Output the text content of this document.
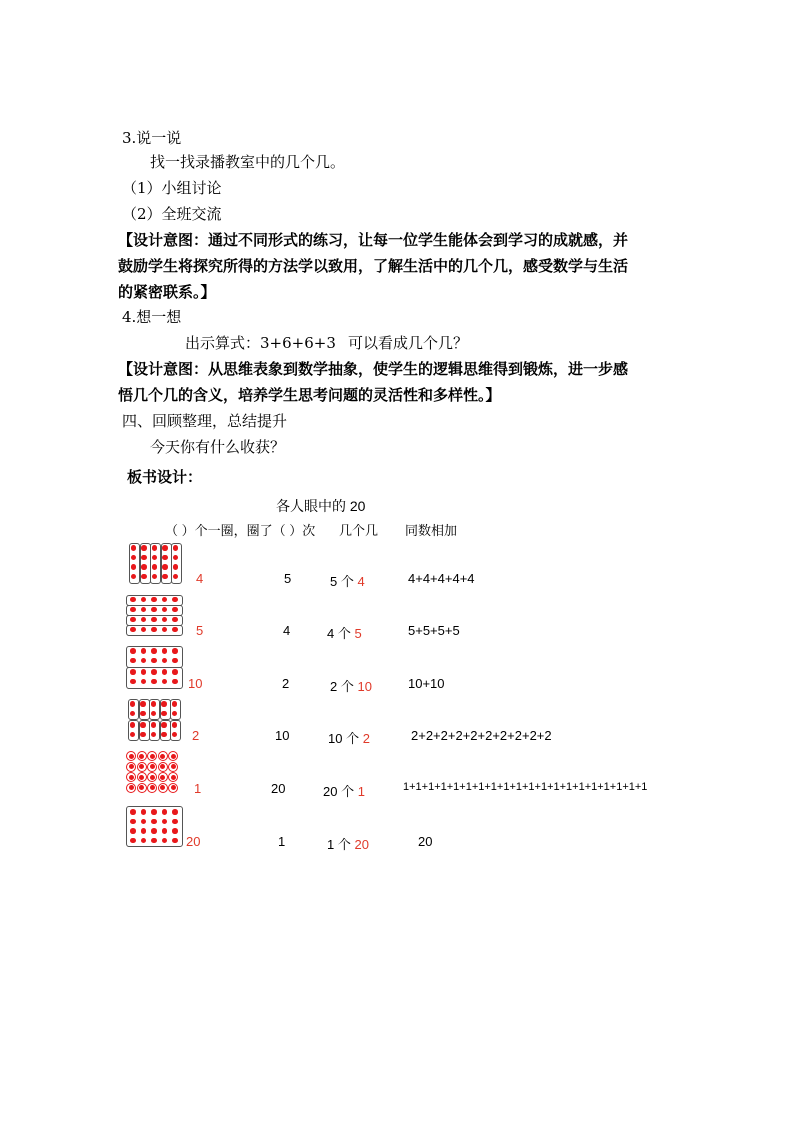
3.说一说
找一找录播教室中的几个几。
（1）小组讨论
（2）全班交流
【设计意图：通过不同形式的练习，让每一位学生能体会到学习的成就感，并
鼓励学生将探究所得的方法学以致用，了解生活中的几个几，感受数学与生活
的紧密联系。】
4.想一想
出示算式：3+6+6+3 可以看成几个几？
【设计意图：从思维表象到数学抽象，使学生的逻辑思维得到锻炼，进一步感
悟几个几的含义，培养学生思考问题的灵活性和多样性。】
四、回顾整理，总结提升
今天你有什么收获？
板书设计：
各人眼中的 20
（ ）个一圈，圈了（ ）次 几个几 同数相加
4	5	5 个 4	4+4+4+4+4
5	4	4 个 5	5+5+5+5
10	2	2 个 10	10+10
2	10	10 个 2	2+2+2+2+2+2+2+2+2+2
1	20	20 个 1	1+1+1+1+1+1+1+1+1+1+1+1+1+1+1+1+1+1+1+1
20	1	1 个 20	20
